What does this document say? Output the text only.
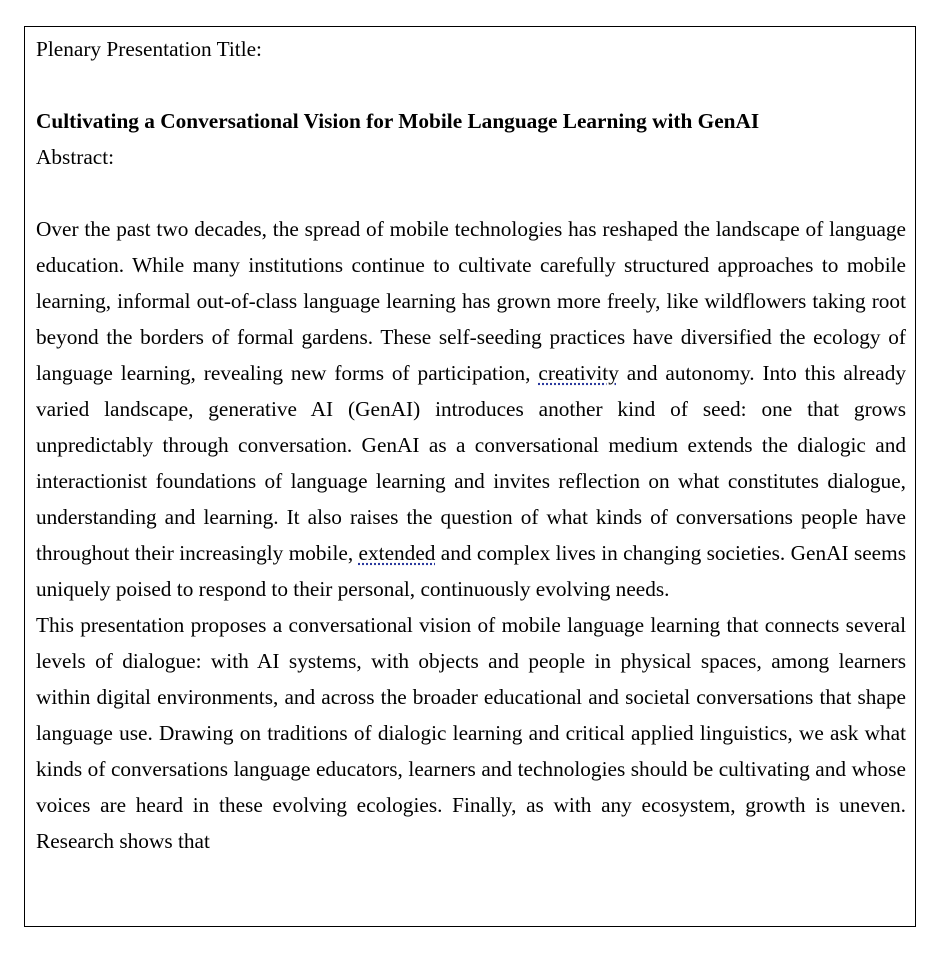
Plenary Presentation Title:
Cultivating a Conversational Vision for Mobile Language Learning with GenAI
Abstract:

Over the past two decades, the spread of mobile technologies has reshaped the landscape of language education. While many institutions continue to cultivate carefully structured approaches to mobile learning, informal out-of-class language learning has grown more freely, like wildflowers taking root beyond the borders of formal gardens. These self-seeding practices have diversified the ecology of language learning, revealing new forms of participation, creativity and autonomy. Into this already varied landscape, generative AI (GenAI) introduces another kind of seed: one that grows unpredictably through conversation. GenAI as a conversational medium extends the dialogic and interactionist foundations of language learning and invites reflection on what constitutes dialogue, understanding and learning. It also raises the question of what kinds of conversations people have throughout their increasingly mobile, extended and complex lives in changing societies. GenAI seems uniquely poised to respond to their personal, continuously evolving needs.

This presentation proposes a conversational vision of mobile language learning that connects several levels of dialogue: with AI systems, with objects and people in physical spaces, among learners within digital environments, and across the broader educational and societal conversations that shape language use. Drawing on traditions of dialogic learning and critical applied linguistics, we ask what kinds of conversations language educators, learners and technologies should be cultivating and whose voices are heard in these evolving ecologies. Finally, as with any ecosystem, growth is uneven. Research shows that
